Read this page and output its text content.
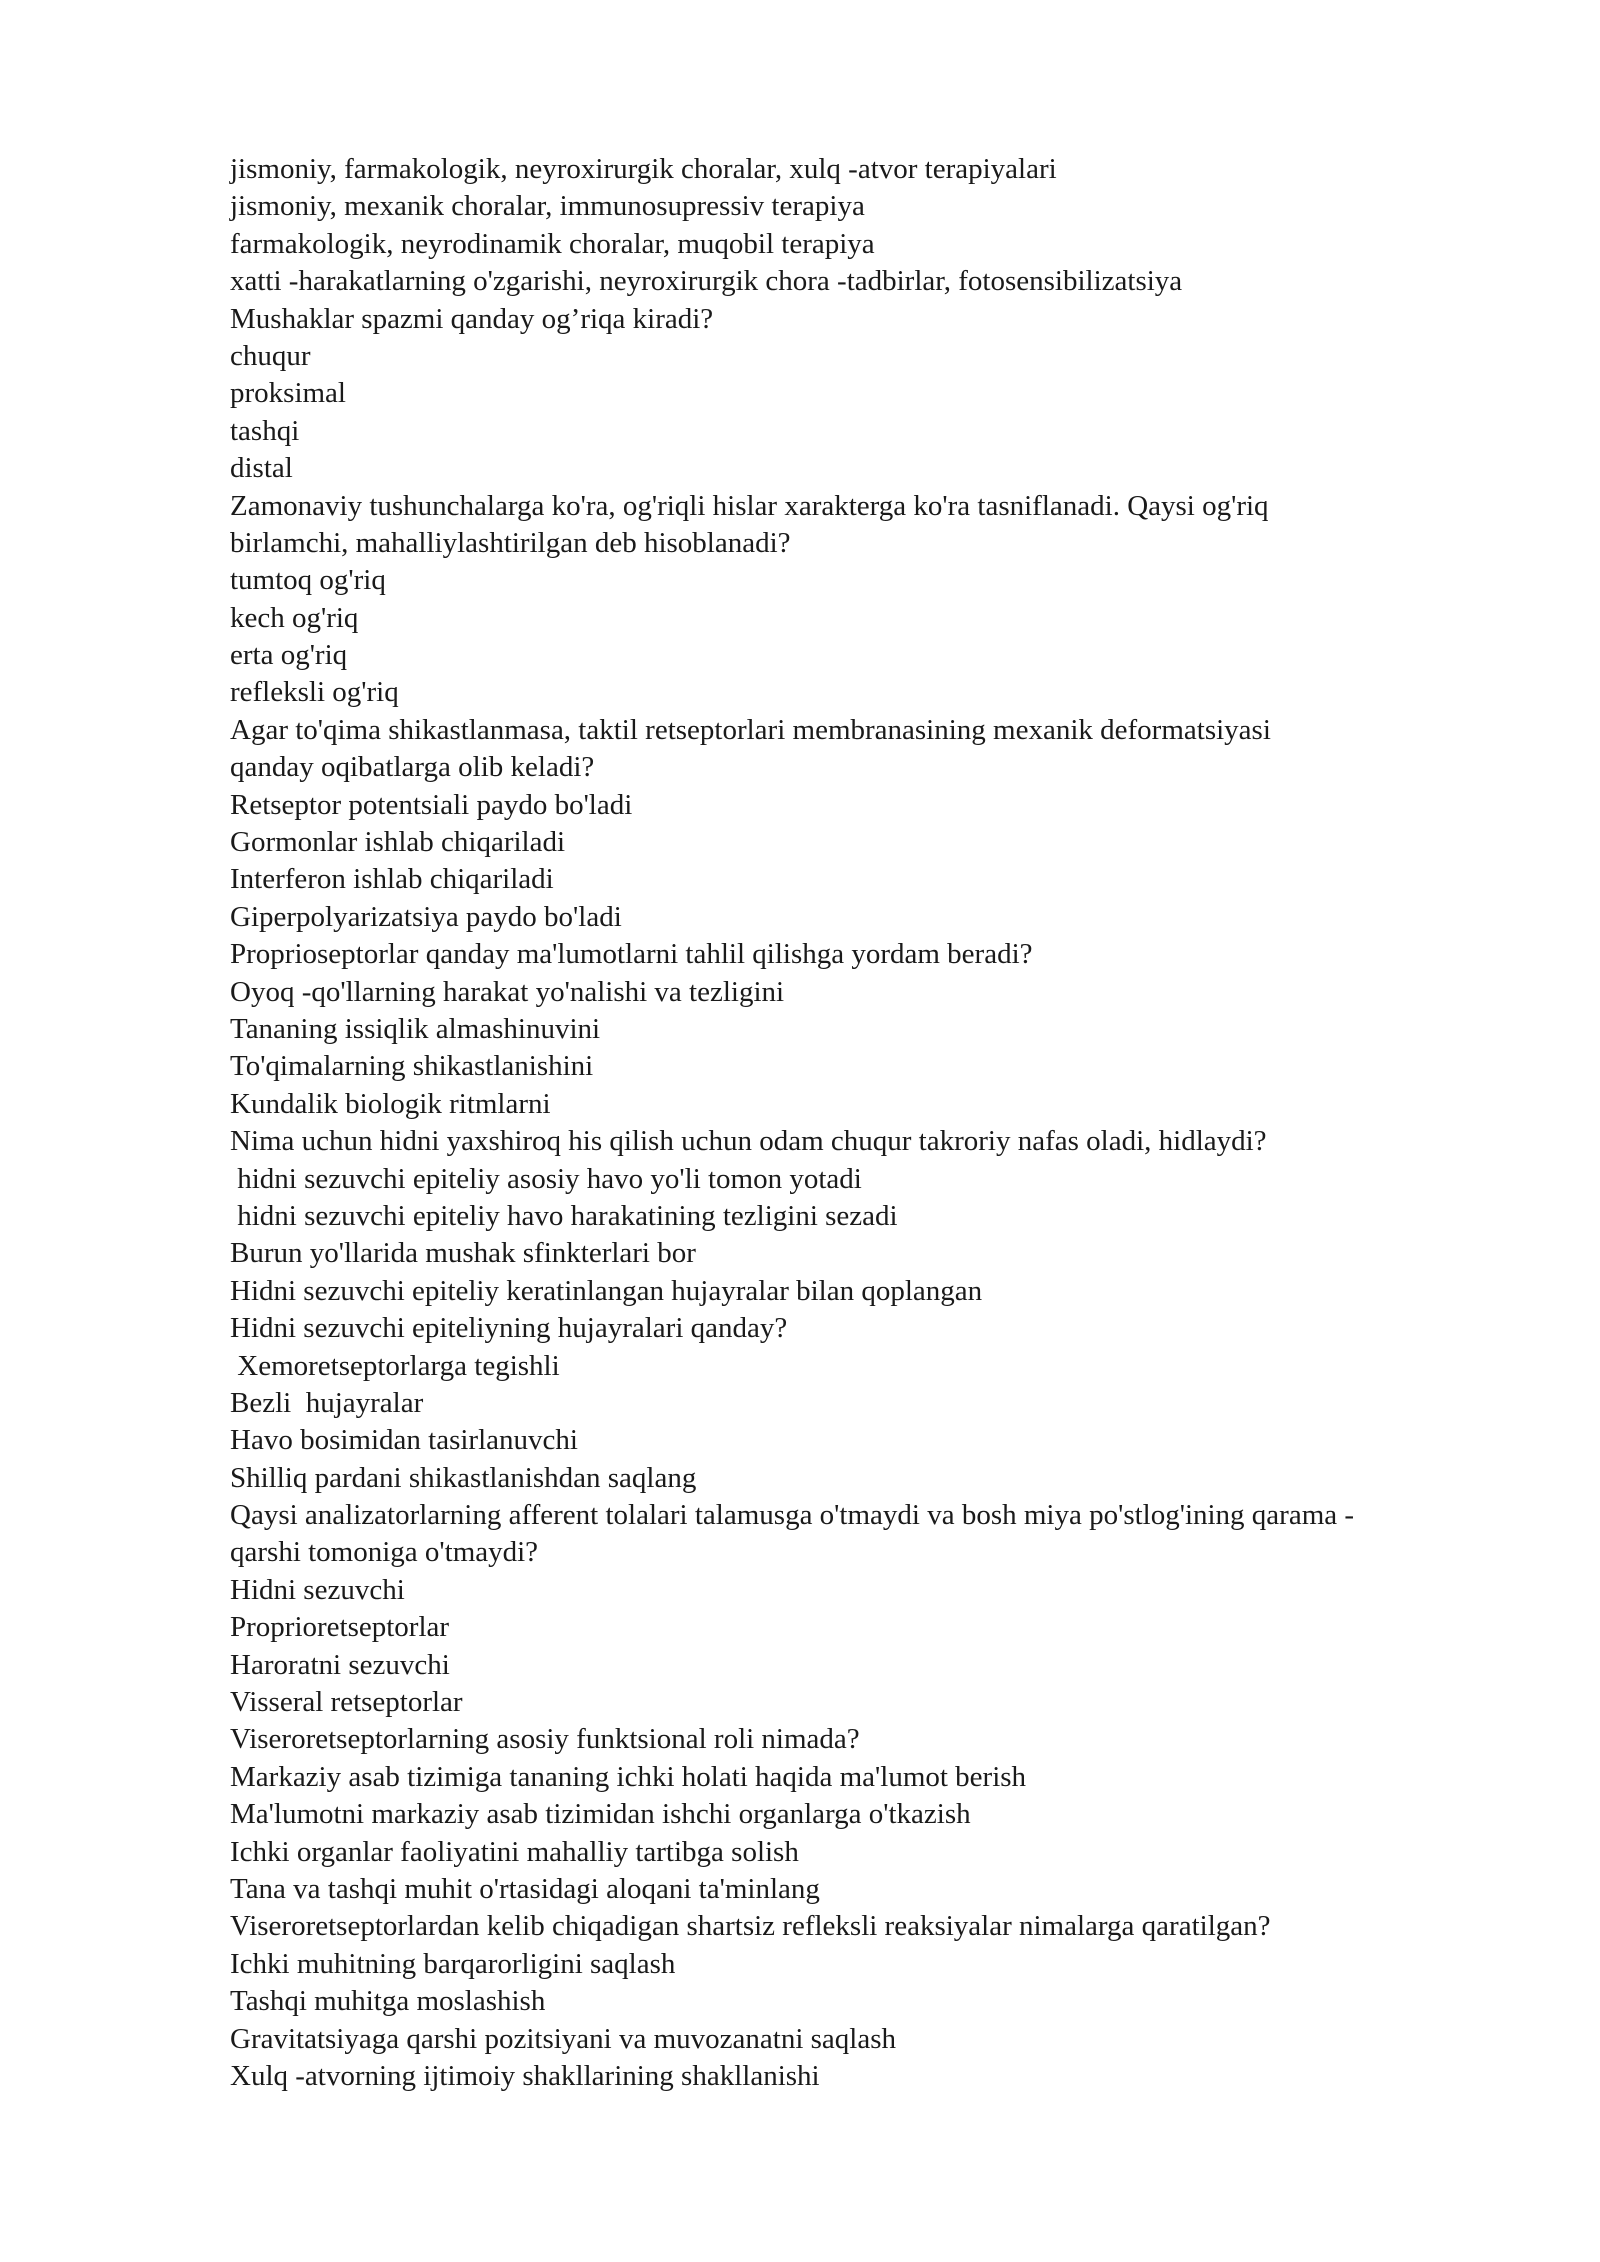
jismoniy, farmakologik, neyroxirurgik choralar, xulq -atvor terapiyalari
jismoniy, mexanik choralar, immunosupressiv terapiya
farmakologik, neyrodinamik choralar, muqobil terapiya
xatti -harakatlarning o'zgarishi, neyroxirurgik chora -tadbirlar, fotosensibilizatsiya
Mushaklar spazmi qanday og’riqa kiradi?
chuqur
proksimal
tashqi
distal
Zamonaviy tushunchalarga ko'ra, og'riqli hislar xarakterga ko'ra tasniflanadi. Qaysi og'riq
birlamchi, mahalliylashtirilgan deb hisoblanadi?
tumtoq og'riq
kech og'riq
erta og'riq
refleksli og'riq
Agar to'qima shikastlanmasa, taktil retseptorlari membranasining mexanik deformatsiyasi
qanday oqibatlarga olib keladi?
Retseptor potentsiali paydo bo'ladi
Gormonlar ishlab chiqariladi
Interferon ishlab chiqariladi
Giperpolyarizatsiya paydo bo'ladi
Proprioseptorlar qanday ma'lumotlarni tahlil qilishga yordam beradi?
Oyoq -qo'llarning harakat yo'nalishi va tezligini
Tananing issiqlik almashinuvini
To'qimalarning shikastlanishini
Kundalik biologik ritmlarni
Nima uchun hidni yaxshiroq his qilish uchun odam chuqur takroriy nafas oladi, hidlaydi?
hidni sezuvchi epiteliy asosiy havo yo'li tomon yotadi
hidni sezuvchi epiteliy havo harakatining tezligini sezadi
Burun yo'llarida mushak sfinkterlari bor
Hidni sezuvchi epiteliy keratinlangan hujayralar bilan qoplangan
Hidni sezuvchi epiteliyning hujayralari qanday?
Xemoretseptorlarga tegishli
Bezli  hujayralar
Havo bosimidan tasirlanuvchi
Shilliq pardani shikastlanishdan saqlang
Qaysi analizatorlarning afferent tolalari talamusga o'tmaydi va bosh miya po'stlog'ining qarama -
qarshi tomoniga o'tmaydi?
Hidni sezuvchi
Proprioretseptorlar
Haroratni sezuvchi
Visseral retseptorlar
Viseroretseptorlarning asosiy funktsional roli nimada?
Markaziy asab tizimiga tananing ichki holati haqida ma'lumot berish
Ma'lumotni markaziy asab tizimidan ishchi organlarga o'tkazish
Ichki organlar faoliyatini mahalliy tartibga solish
Tana va tashqi muhit o'rtasidagi aloqani ta'minlang
Viseroretseptorlardan kelib chiqadigan shartsiz refleksli reaksiyalar nimalarga qaratilgan?
Ichki muhitning barqarorligini saqlash
Tashqi muhitga moslashish
Gravitatsiyaga qarshi pozitsiyani va muvozanatni saqlash
Xulq -atvorning ijtimoiy shakllarining shakllanishi
